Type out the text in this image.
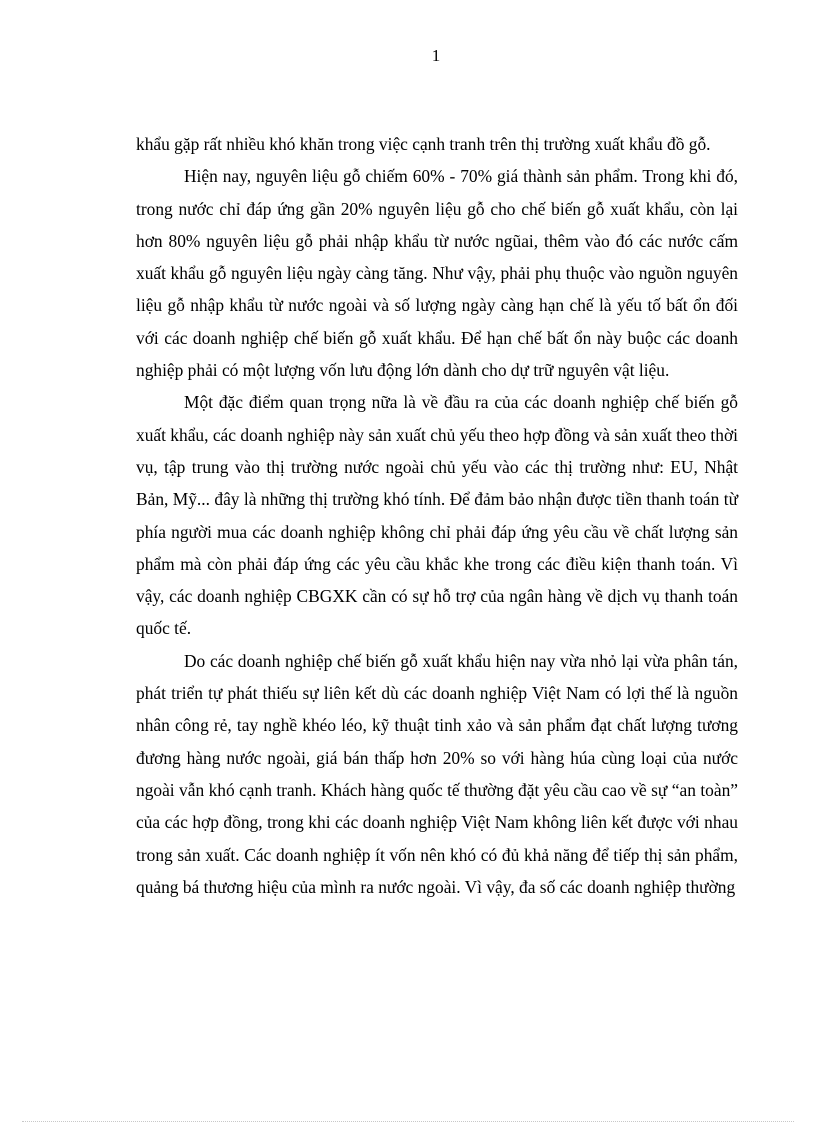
1

khẩu gặp rất nhiều khó khăn trong việc cạnh tranh trên thị trường xuất khẩu đồ gỗ.

Hiện nay, nguyên liệu gỗ chiếm 60% - 70% giá thành sản phẩm. Trong khi đó, trong nước chỉ đáp ứng gần 20% nguyên liệu gỗ cho chế biến gỗ xuất khẩu, còn lại hơn 80% nguyên liệu gỗ phải nhập khẩu từ nước ngũai, thêm vào đó các nước cấm xuất khẩu gỗ nguyên liệu ngày càng tăng. Như vậy, phải phụ thuộc vào nguồn nguyên liệu gỗ nhập khẩu từ nước ngoài và số lượng ngày càng hạn chế là yếu tố bất ổn đối với các doanh nghiệp chế biến gỗ xuất khẩu. Để hạn chế bất ổn này buộc các doanh nghiệp phải có một lượng vốn lưu động lớn dành cho dự trữ nguyên vật liệu.

Một đặc điểm quan trọng nữa là về đầu ra của các doanh nghiệp chế biến gỗ xuất khẩu, các doanh nghiệp này sản xuất chủ yếu theo hợp đồng và sản xuất theo thời vụ, tập trung vào thị trường nước ngoài chủ yếu vào các thị trường như: EU, Nhật Bản, Mỹ... đây là những thị trường khó tính. Để đảm bảo nhận được tiền thanh toán từ phía người mua các doanh nghiệp không chỉ phải đáp ứng yêu cầu về chất lượng sản phẩm mà còn phải đáp ứng các yêu cầu khắc khe trong các điều kiện thanh toán. Vì vậy, các doanh nghiệp CBGXK cần có sự hỗ trợ của ngân hàng về dịch vụ thanh toán quốc tế.

Do các doanh nghiệp chế biến gỗ xuất khẩu hiện nay vừa nhỏ lại vừa phân tán, phát triển tự phát thiếu sự liên kết dù các doanh nghiệp Việt Nam có lợi thế là nguồn nhân công rẻ, tay nghề khéo léo, kỹ thuật tinh xảo và sản phẩm đạt chất lượng tương đương hàng nước ngoài, giá bán thấp hơn 20% so với hàng húa cùng loại của nước ngoài vẫn khó cạnh tranh. Khách hàng quốc tế thường đặt yêu cầu cao về sự “an toàn” của các hợp đồng, trong khi các doanh nghiệp Việt Nam không liên kết được với nhau trong sản xuất. Các doanh nghiệp ít vốn nên khó có đủ khả năng để tiếp thị sản phẩm, quảng bá thương hiệu của mình ra nước ngoài. Vì vậy, đa số các doanh nghiệp thường
